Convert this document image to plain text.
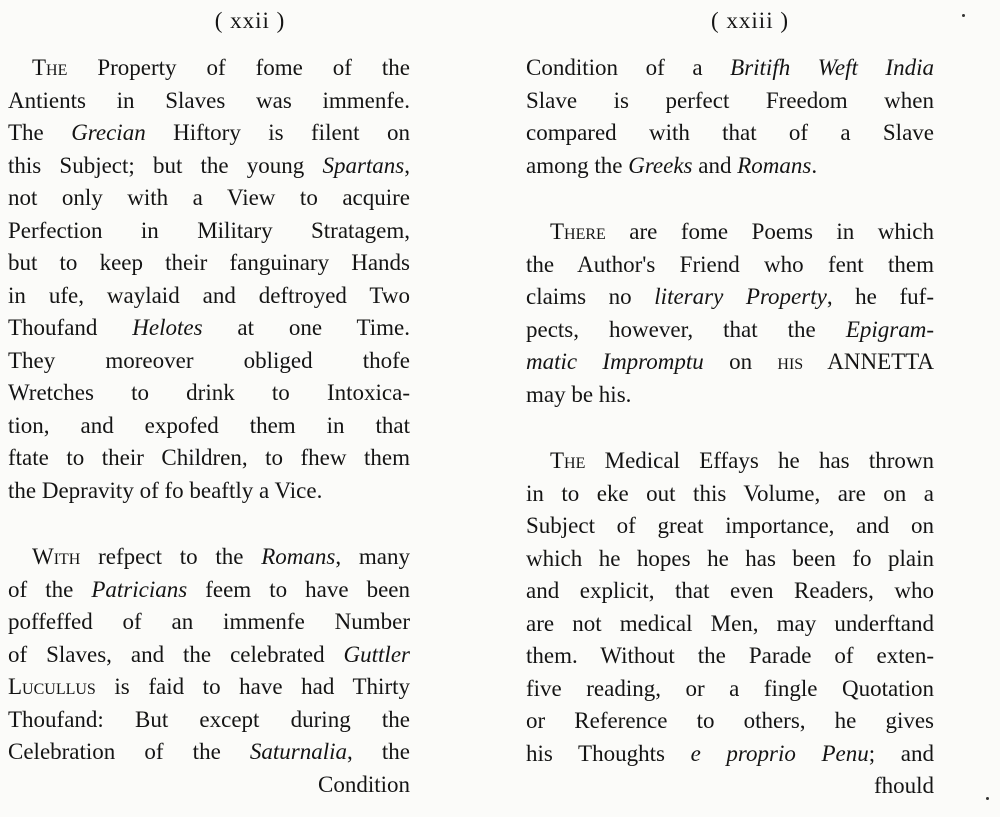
( xxii )
The Property of fome of the
Antients in Slaves was immenfe.
The Grecian Hiftory is filent on
this Subject; but the young Spartans,
not only with a View to acquire
Perfection in Military Stratagem,
but to keep their fanguinary Hands
in ufe, waylaid and deftroyed Two
Thoufand Helotes at one Time.
They moreover obliged thofe
Wretches to drink to Intoxica-
tion, and expofed them in that
ftate to their Children, to fhew them
the Depravity of fo beaftly a Vice.
With refpect to the Romans, many
of the Patricians feem to have been
poffeffed of an immenfe Number
of Slaves, and the celebrated Guttler
Lucullus is faid to have had Thirty
Thoufand: But except during the
Celebration of the Saturnalia, the
Condition
( xxiii )
Condition of a Britifh Weft India
Slave is perfect Freedom when
compared with that of a Slave
among the Greeks and Romans.
There are fome Poems in which
the Author's Friend who fent them
claims no literary Property, he fuf-
pects, however, that the Epigram-
matic Impromptu on his ANNETTA
may be his.
The Medical Effays he has thrown
in to eke out this Volume, are on a
Subject of great importance, and on
which he hopes he has been fo plain
and explicit, that even Readers, who
are not medical Men, may underftand
them. Without the Parade of exten-
five reading, or a fingle Quotation
or Reference to others, he gives
his Thoughts e proprio Penu; and
fhould
